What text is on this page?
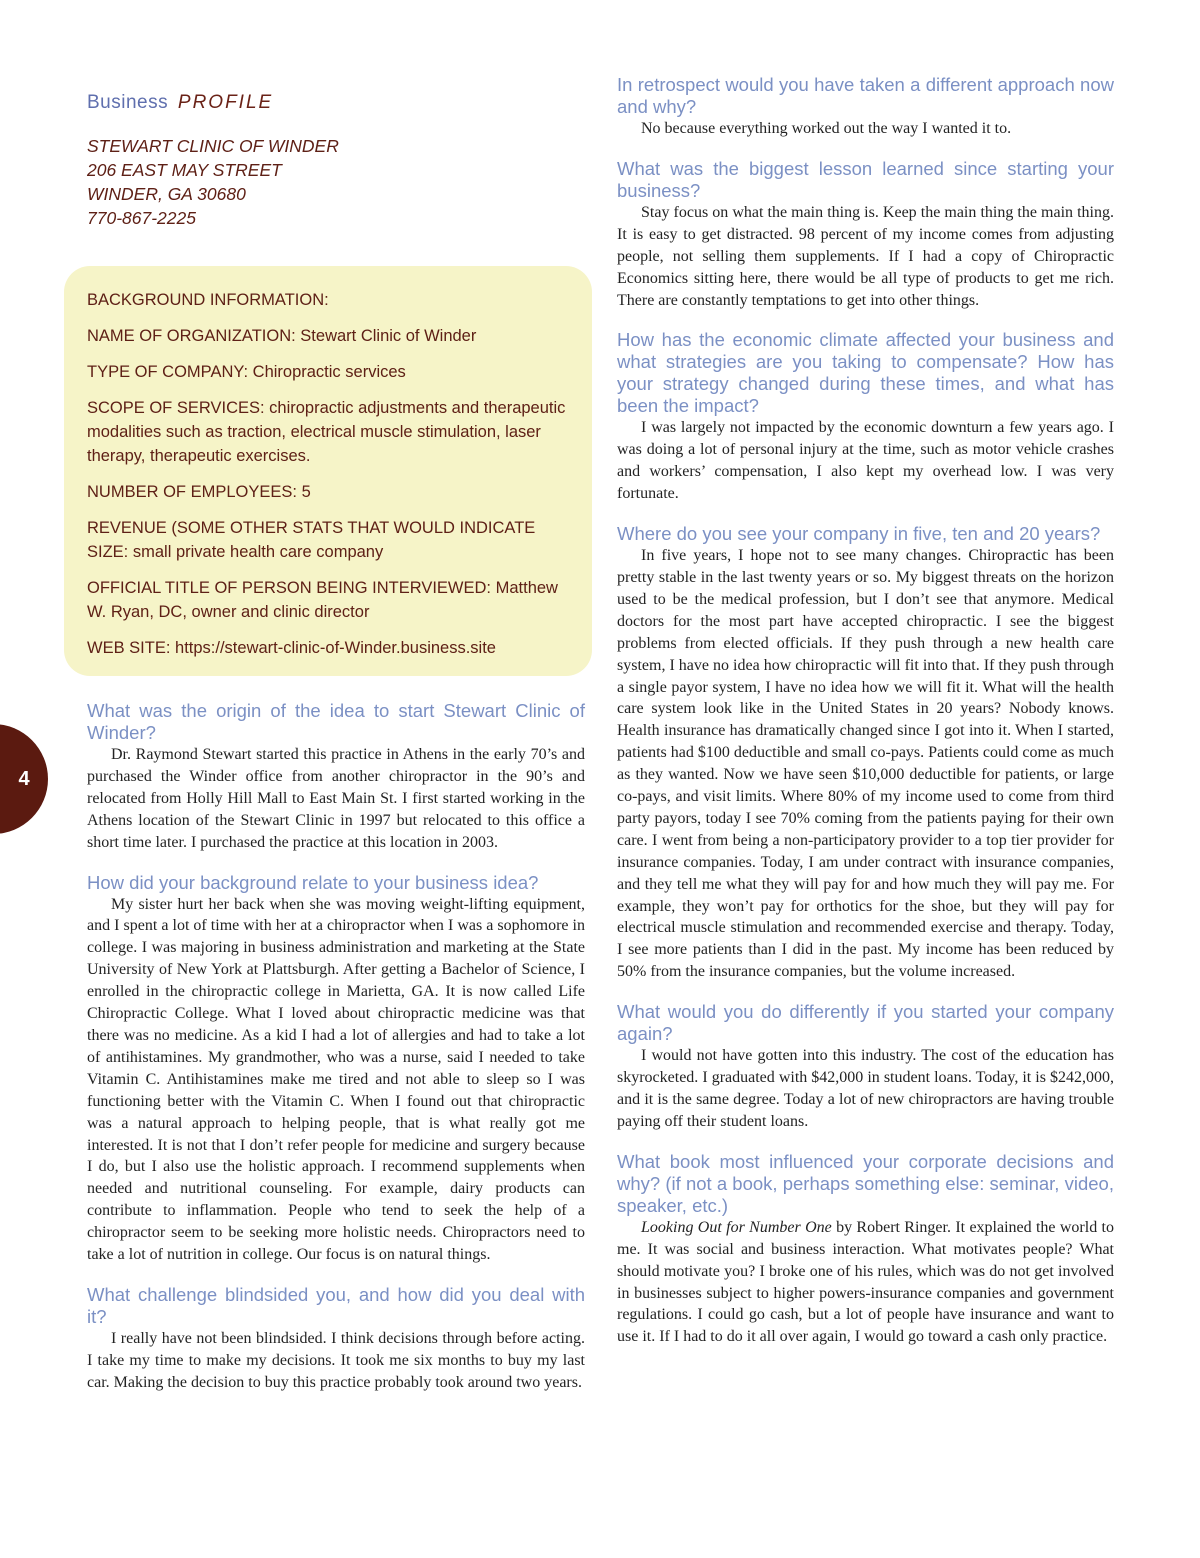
4
Business PROFILE

STEWART CLINIC OF WINDER

206 EAST MAY STREET

WINDER, GA 30680

770-867-2225

BACKGROUND INFORMATION:

NAME OF ORGANIZATION: Stewart Clinic of Winder

TYPE OF COMPANY: Chiropractic services

SCOPE OF SERVICES: chiropractic adjustments and therapeutic modalities such as traction, electrical muscle stimulation, laser therapy, therapeutic exercises.

NUMBER OF EMPLOYEES: 5

REVENUE (SOME OTHER STATS THAT WOULD INDICATE SIZE: small private health care company

OFFICIAL TITLE OF PERSON BEING INTERVIEWED: Matthew W. Ryan, DC, owner and clinic director

WEB SITE: https://stewart-clinic-of-Winder.business.site

What was the origin of the idea to start Stewart Clinic of Winder?

Dr. Raymond Stewart started this practice in Athens in the early 70’s and purchased the Winder office from another chiropractor in the 90’s and relocated from Holly Hill Mall to East Main St. I first started working in the Athens location of the Stewart Clinic in 1997 but relocated to this office a short time later. I purchased the practice at this location in 2003.

How did your background relate to your business idea?

My sister hurt her back when she was moving weight-lifting equipment, and I spent a lot of time with her at a chiropractor when I was a sophomore in college. I was majoring in business administration and marketing at the State University of New York at Plattsburgh. After getting a Bachelor of Science, I enrolled in the chiropractic college in Marietta, GA. It is now called Life Chiropractic College. What I loved about chiropractic medicine was that there was no medicine. As a kid I had a lot of allergies and had to take a lot of antihistamines. My grandmother, who was a nurse, said I needed to take Vitamin C. Antihistamines make me tired and not able to sleep so I was functioning better with the Vitamin C. When I found out that chiropractic was a natural approach to helping people, that is what really got me interested. It is not that I don’t refer people for medicine and surgery because I do, but I also use the holistic approach. I recommend supplements when needed and nutritional counseling. For example, dairy products can contribute to inflammation. People who tend to seek the help of a chiropractor seem to be seeking more holistic needs. Chiropractors need to take a lot of nutrition in college. Our focus is on natural things.

What challenge blindsided you, and how did you deal with it?

I really have not been blindsided. I think decisions through before acting. I take my time to make my decisions. It took me six months to buy my last car. Making the decision to buy this practice probably took around two years.

In retrospect would you have taken a different approach now and why?

No because everything worked out the way I wanted it to.

What was the biggest lesson learned since starting your business?

Stay focus on what the main thing is. Keep the main thing the main thing. It is easy to get distracted. 98 percent of my income comes from adjusting people, not selling them supplements. If I had a copy of Chiropractic Economics sitting here, there would be all type of products to get me rich. There are constantly temptations to get into other things.

How has the economic climate affected your business and what strategies are you taking to compensate? How has your strategy changed during these times, and what has been the impact?

I was largely not impacted by the economic downturn a few years ago. I was doing a lot of personal injury at the time, such as motor vehicle crashes and workers’ compensation, I also kept my overhead low. I was very fortunate.

Where do you see your company in five, ten and 20 years?

In five years, I hope not to see many changes. Chiropractic has been pretty stable in the last twenty years or so. My biggest threats on the horizon used to be the medical profession, but I don’t see that anymore. Medical doctors for the most part have accepted chiropractic. I see the biggest problems from elected officials. If they push through a new health care system, I have no idea how chiropractic will fit into that. If they push through a single payor system, I have no idea how we will fit it. What will the health care system look like in the United States in 20 years? Nobody knows. Health insurance has dramatically changed since I got into it. When I started, patients had $100 deductible and small co-pays. Patients could come as much as they wanted. Now we have seen $10,000 deductible for patients, or large co-pays, and visit limits. Where 80% of my income used to come from third party payors, today I see 70% coming from the patients paying for their own care. I went from being a non-participatory provider to a top tier provider for insurance companies. Today, I am under contract with insurance companies, and they tell me what they will pay for and how much they will pay me. For example, they won’t pay for orthotics for the shoe, but they will pay for electrical muscle stimulation and recommended exercise and therapy. Today, I see more patients than I did in the past. My income has been reduced by 50% from the insurance companies, but the volume increased.

What would you do differently if you started your company again?

I would not have gotten into this industry. The cost of the education has skyrocketed. I graduated with $42,000 in student loans. Today, it is $242,000, and it is the same degree. Today a lot of new chiropractors are having trouble paying off their student loans.

What book most influenced your corporate decisions and why? (if not a book, perhaps something else: seminar, video, speaker, etc.)

Looking Out for Number One by Robert Ringer. It explained the world to me. It was social and business interaction. What motivates people? What should motivate you? I broke one of his rules, which was do not get involved in businesses subject to higher powers-insurance companies and government regulations. I could go cash, but a lot of people have insurance and want to use it. If I had to do it all over again, I would go toward a cash only practice.
